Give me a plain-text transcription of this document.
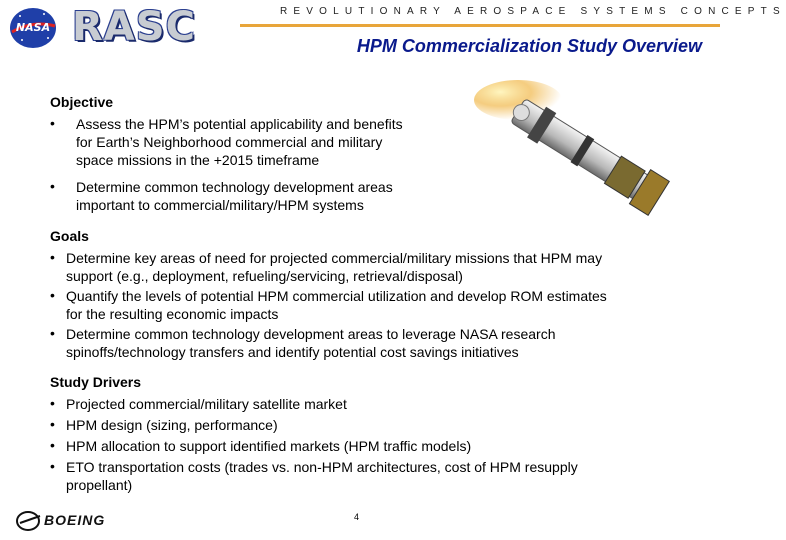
NASA RASC	REVOLUTIONARY AEROSPACE SYSTEMS CONCEPTS
HPM Commercialization Study Overview
Objective
• Assess the HPM’s potential applicability and benefits
for Earth’s Neighborhood commercial and military
space missions in the +2015 timeframe
• Determine common technology development areas
important to commercial/military/HPM systems
Goals
• Determine key areas of need for projected commercial/military missions that HPM may
support (e.g., deployment, refueling/servicing, retrieval/disposal)
• Quantify the levels of potential HPM commercial utilization and develop ROM estimates
for the resulting economic impacts
• Determine common technology development areas to leverage NASA research
spinoffs/technology transfers and identify potential cost savings initiatives
Study Drivers
• Projected commercial/military satellite market
• HPM design (sizing, performance)
• HPM allocation to support identified markets (HPM traffic models)
• ETO transportation costs (trades vs. non-HPM architectures, cost of HPM resupply
propellant)
BOEING	4
